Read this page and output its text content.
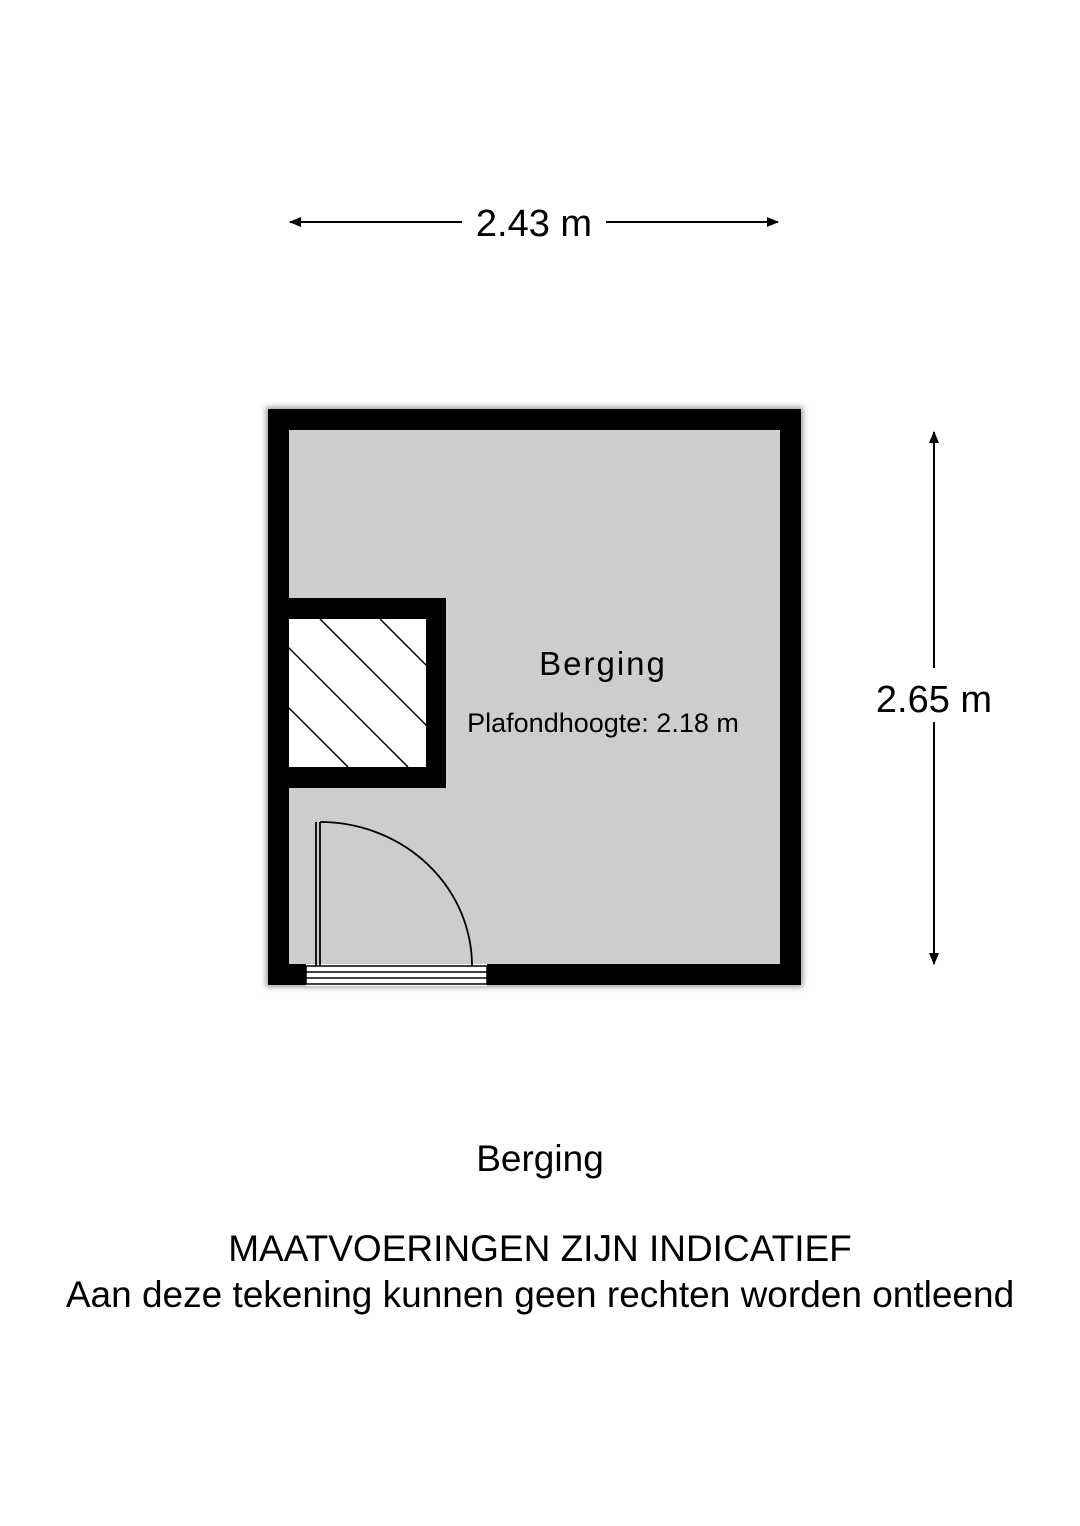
2.43 m
2.65 m
Berging
Plafondhoogte: 2.18 m
Berging
MAATVOERINGEN ZIJN INDICATIEF
Aan deze tekening kunnen geen rechten worden ontleend
